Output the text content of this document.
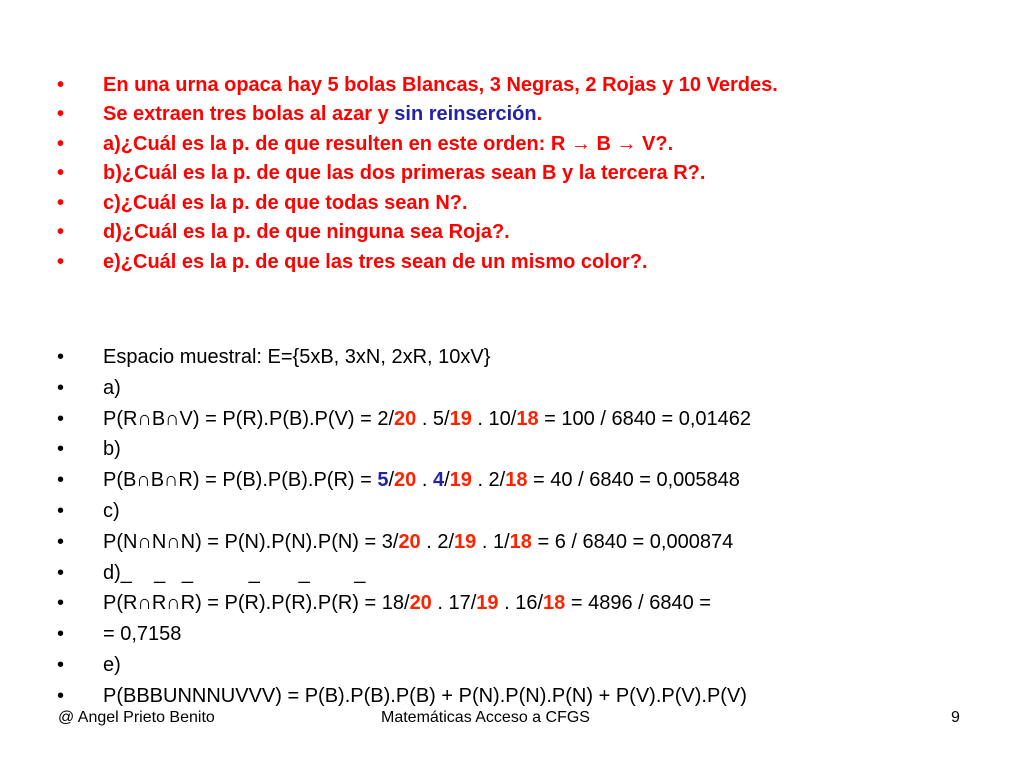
• En una urna opaca hay 5 bolas Blancas, 3 Negras, 2 Rojas y 10 Verdes.
• Se extraen tres bolas al azar y sin reinserción.
• a)¿Cuál es la p. de que resulten en este orden: R → B → V?.
• b)¿Cuál es la p. de que las dos primeras sean B y la tercera R?.
• c)¿Cuál es la p. de que todas sean N?.
• d)¿Cuál es la p. de que ninguna sea Roja?.
• e)¿Cuál es la p. de que las tres sean de un mismo color?.
• Espacio muestral: E={5xB, 3xN, 2xR, 10xV}
• a)
• P(R∩B∩V) = P(R).P(B).P(V) = 2/20 . 5/19 . 10/18 = 100 / 6840 = 0,01462
• b)
• P(B∩B∩R) = P(B).P(B).P(R) = 5/20 . 4/19 . 2/18 = 40 / 6840 = 0,005848
• c)
• P(N∩N∩N) = P(N).P(N).P(N) = 3/20 . 2/19 . 1/18 = 6 / 6840 = 0,000874
• d)_    _   _          _       _        _
• P(R∩R∩R) = P(R).P(R).P(R) = 18/20 . 17/19 . 16/18 = 4896 / 6840 =
• = 0,7158
• e)
• P(BBBUNNNUVVV) = P(B).P(B).P(B) + P(N).P(N).P(N) + P(V).P(V).P(V)
@ Angel Prieto Benito	Matemáticas Acceso a CFGS	9
